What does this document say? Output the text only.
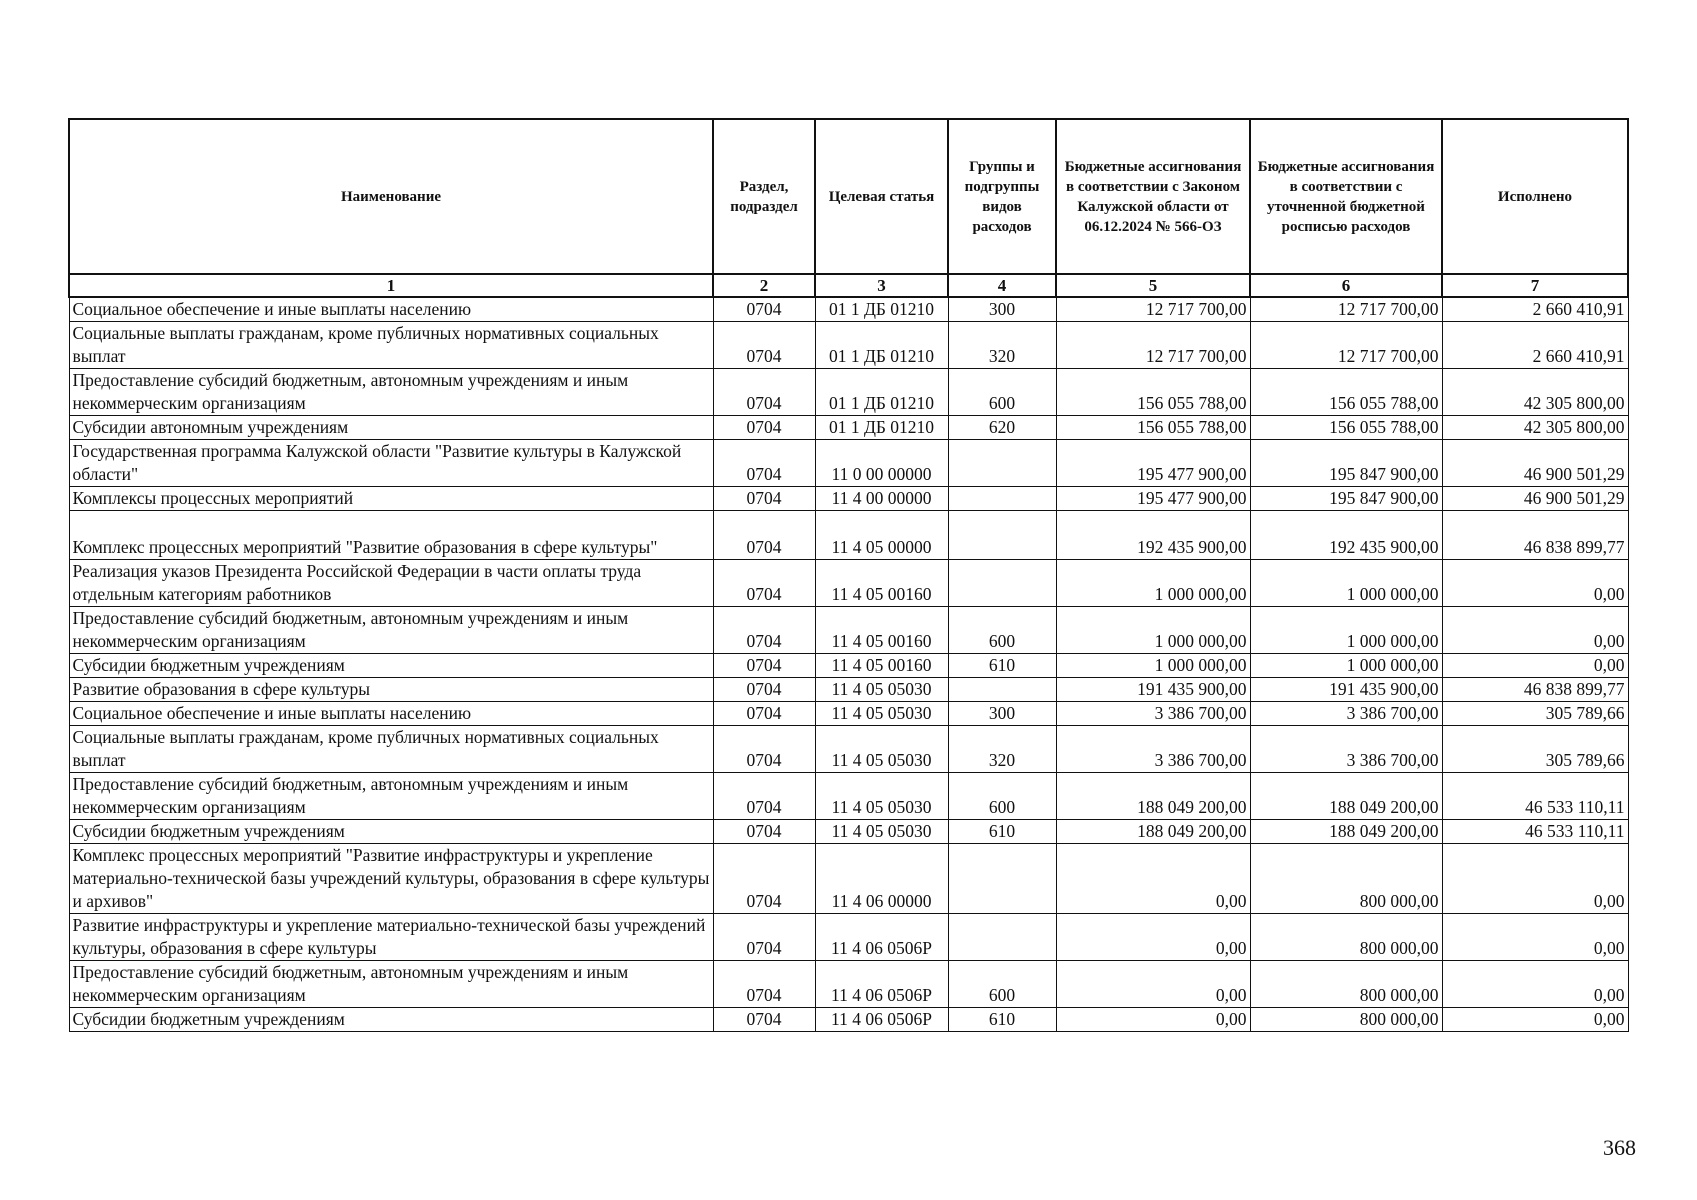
Наименование	Раздел, подраздел	Целевая статья	Группы и подгруппы видов расходов	Бюджетные ассигнования в соответствии с Законом Калужской области от 06.12.2024 № 566-ОЗ	Бюджетные ассигнования в соответствии с уточненной бюджетной росписью расходов	Исполнено
1	2	3	4	5	6	7
Социальное обеспечение и иные выплаты населению	0704	01 1 ДБ 01210	300	12 717 700,00	12 717 700,00	2 660 410,91
Социальные выплаты гражданам, кроме публичных нормативных социальных выплат	0704	01 1 ДБ 01210	320	12 717 700,00	12 717 700,00	2 660 410,91
Предоставление субсидий бюджетным, автономным учреждениям и иным некоммерческим организациям	0704	01 1 ДБ 01210	600	156 055 788,00	156 055 788,00	42 305 800,00
Субсидии автономным учреждениям	0704	01 1 ДБ 01210	620	156 055 788,00	156 055 788,00	42 305 800,00
Государственная программа Калужской области "Развитие культуры в Калужской области"	0704	11 0 00 00000		195 477 900,00	195 847 900,00	46 900 501,29
Комплексы процессных мероприятий	0704	11 4 00 00000		195 477 900,00	195 847 900,00	46 900 501,29
Комплекс процессных мероприятий "Развитие образования в сфере культуры"	0704	11 4 05 00000		192 435 900,00	192 435 900,00	46 838 899,77
Реализация указов Президента Российской Федерации в части оплаты труда отдельным категориям работников	0704	11 4 05 00160		1 000 000,00	1 000 000,00	0,00
Предоставление субсидий бюджетным, автономным учреждениям и иным некоммерческим организациям	0704	11 4 05 00160	600	1 000 000,00	1 000 000,00	0,00
Субсидии бюджетным учреждениям	0704	11 4 05 00160	610	1 000 000,00	1 000 000,00	0,00
Развитие образования в сфере культуры	0704	11 4 05 05030		191 435 900,00	191 435 900,00	46 838 899,77
Социальное обеспечение и иные выплаты населению	0704	11 4 05 05030	300	3 386 700,00	3 386 700,00	305 789,66
Социальные выплаты гражданам, кроме публичных нормативных социальных выплат	0704	11 4 05 05030	320	3 386 700,00	3 386 700,00	305 789,66
Предоставление субсидий бюджетным, автономным учреждениям и иным некоммерческим организациям	0704	11 4 05 05030	600	188 049 200,00	188 049 200,00	46 533 110,11
Субсидии бюджетным учреждениям	0704	11 4 05 05030	610	188 049 200,00	188 049 200,00	46 533 110,11
Комплекс процессных мероприятий "Развитие инфраструктуры и укрепление материально-технической базы учреждений культуры, образования в сфере культуры и архивов"	0704	11 4 06 00000		0,00	800 000,00	0,00
Развитие инфраструктуры и укрепление материально-технической базы учреждений культуры, образования в сфере культуры	0704	11 4 06 0506Р		0,00	800 000,00	0,00
Предоставление субсидий бюджетным, автономным учреждениям и иным некоммерческим организациям	0704	11 4 06 0506Р	600	0,00	800 000,00	0,00
Субсидии бюджетным учреждениям	0704	11 4 06 0506Р	610	0,00	800 000,00	0,00
368
